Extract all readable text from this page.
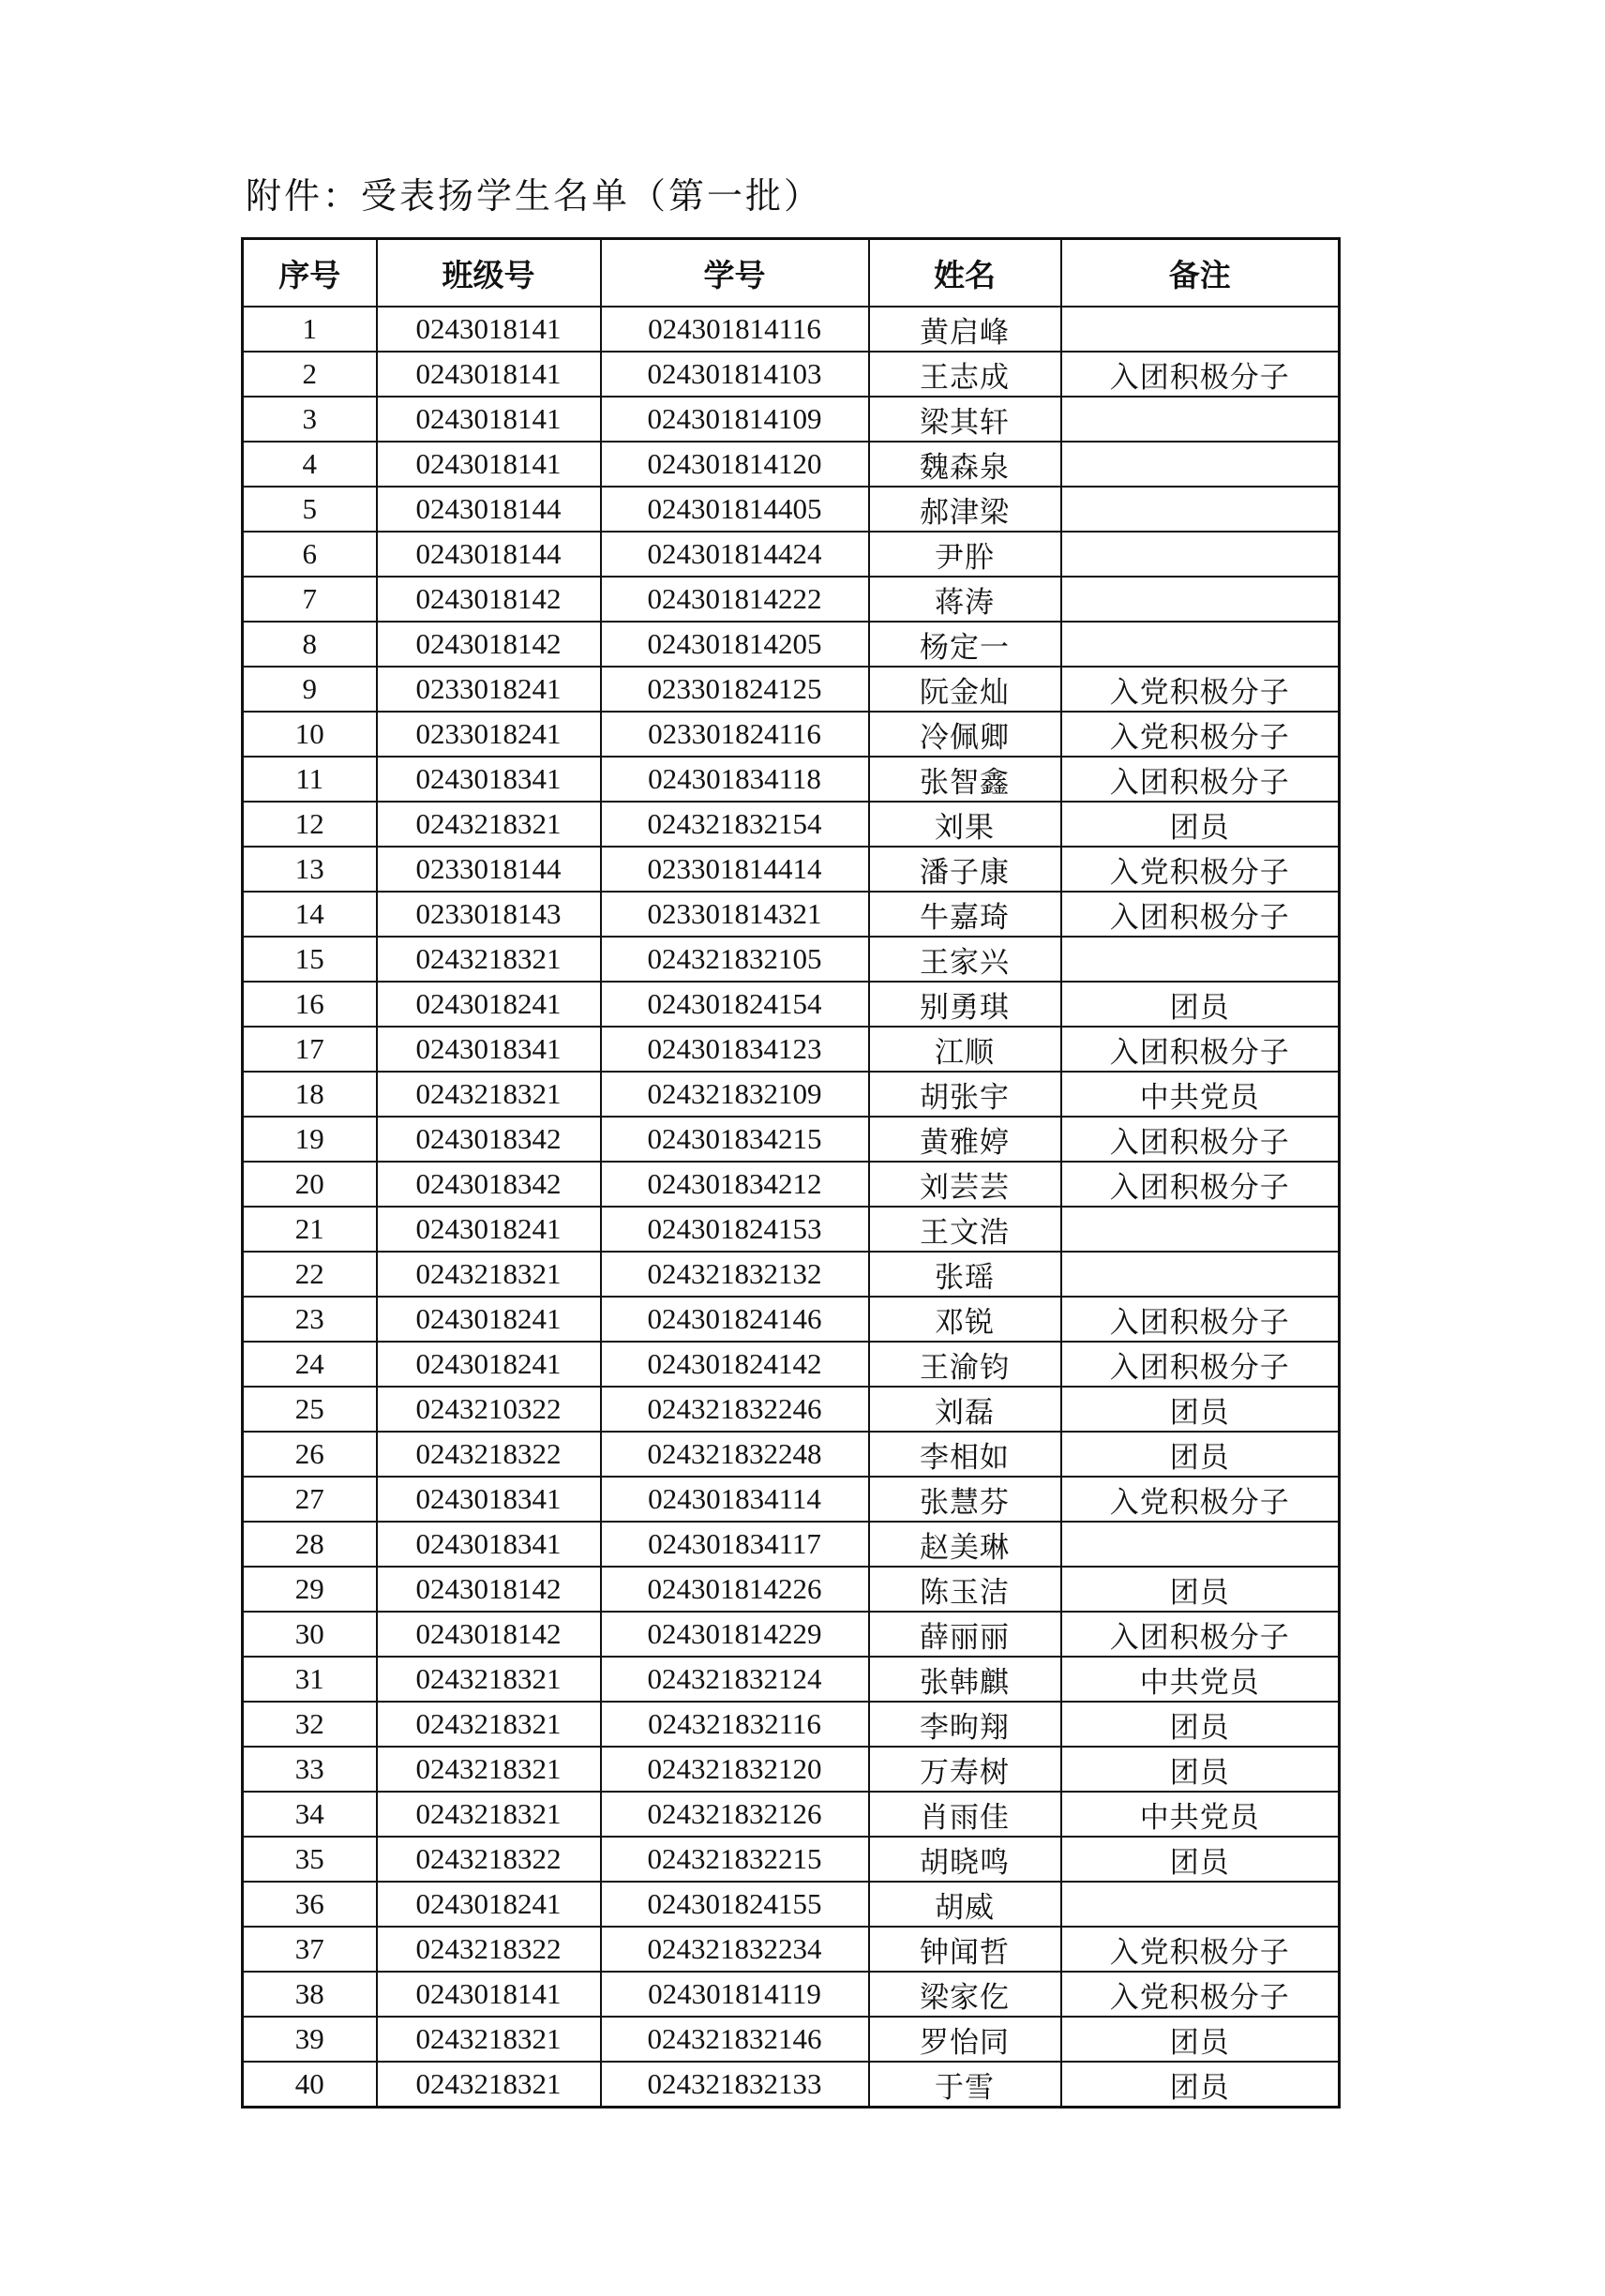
附件：受表扬学生名单（第一批）
序号	班级号	学号	姓名	备注
1	0243018141	024301814116	黄启峰	
2	0243018141	024301814103	王志成	入团积极分子
3	0243018141	024301814109	梁其轩	
4	0243018141	024301814120	魏森泉	
5	0243018144	024301814405	郝津梁	
6	0243018144	024301814424	尹肸	
7	0243018142	024301814222	蒋涛	
8	0243018142	024301814205	杨定一	
9	0233018241	023301824125	阮金灿	入党积极分子
10	0233018241	023301824116	冷佩卿	入党积极分子
11	0243018341	024301834118	张智鑫	入团积极分子
12	0243218321	024321832154	刘果	团员
13	0233018144	023301814414	潘子康	入党积极分子
14	0233018143	023301814321	牛嘉琦	入团积极分子
15	0243218321	024321832105	王家兴	
16	0243018241	024301824154	别勇琪	团员
17	0243018341	024301834123	江顺	入团积极分子
18	0243218321	024321832109	胡张宇	中共党员
19	0243018342	024301834215	黄雅婷	入团积极分子
20	0243018342	024301834212	刘芸芸	入团积极分子
21	0243018241	024301824153	王文浩	
22	0243218321	024321832132	张瑶	
23	0243018241	024301824146	邓锐	入团积极分子
24	0243018241	024301824142	王渝钧	入团积极分子
25	0243210322	024321832246	刘磊	团员
26	0243218322	024321832248	李相如	团员
27	0243018341	024301834114	张慧芬	入党积极分子
28	0243018341	024301834117	赵美琳	
29	0243018142	024301814226	陈玉洁	团员
30	0243018142	024301814229	薛丽丽	入团积极分子
31	0243218321	024321832124	张韩麒	中共党员
32	0243218321	024321832116	李昫翔	团员
33	0243218321	024321832120	万寿树	团员
34	0243218321	024321832126	肖雨佳	中共党员
35	0243218322	024321832215	胡晓鸣	团员
36	0243018241	024301824155	胡威	
37	0243218322	024321832234	钟闻哲	入党积极分子
38	0243018141	024301814119	梁家仡	入党积极分子
39	0243218321	024321832146	罗怡同	团员
40	0243218321	024321832133	于雪	团员
